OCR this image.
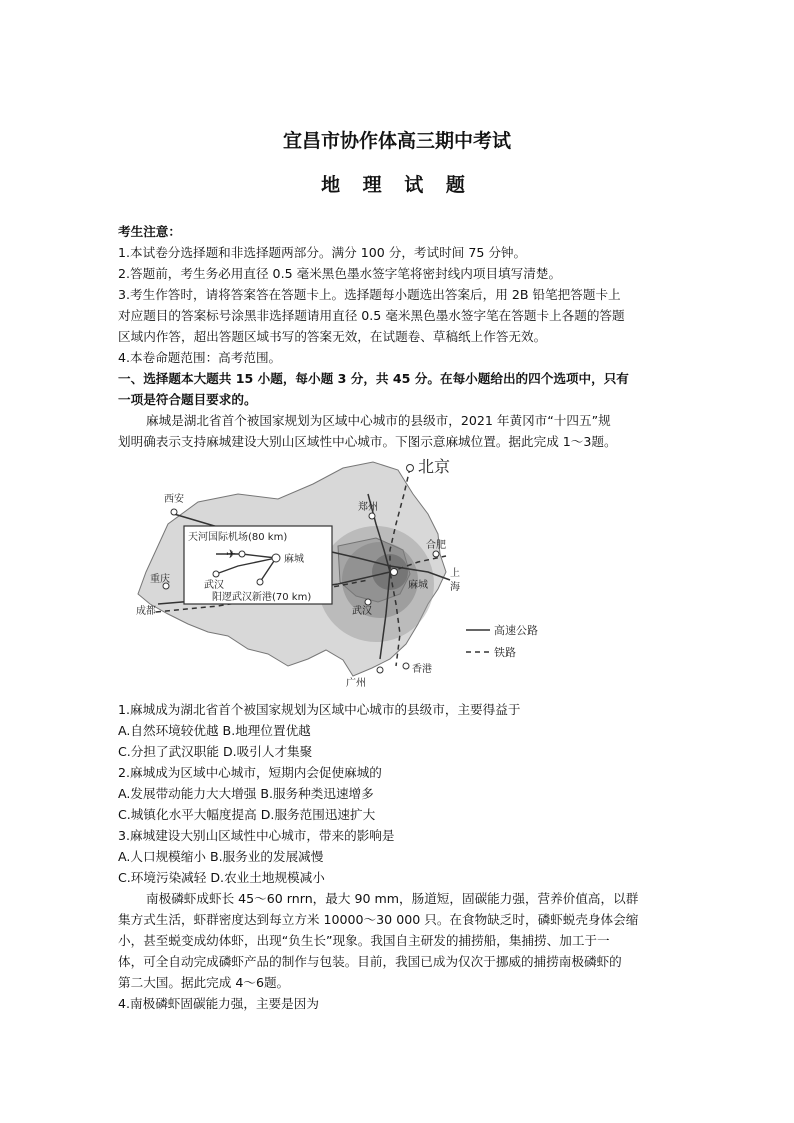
宜昌市协作体高三期中考试
地 理 试 题
考生注意：
1.本试卷分选择题和非选择题两部分。满分 100 分，考试时间 75 分钟。
2.答题前，考生务必用直径 0.5 毫米黑色墨水签字笔将密封线内项目填写清楚。
3.考生作答时，请将答案答在答题卡上。选择题每小题选出答案后，用 2B 铅笔把答题卡上
对应题目的答案标号涂黑非选择题请用直径 0.5 毫米黑色墨水签字笔在答题卡上各题的答题
区域内作答，超出答题区域书写的答案无效，在试题卷、草稿纸上作答无效。
4.本卷命题范围：高考范围。
一、选择题本大题共 15 小题，每小题 3 分，共 45 分。在每小题给出的四个选项中，只有
一项是符合题目要求的。
麻城是湖北省首个被国家规划为区域中心城市的县级市，2021 年黄冈市“十四五”规
划明确表示支持麻城建设大别山区域性中心城市。下图示意麻城位置。据此完成 1～3题。
北京
西安
郑州
合肥
上
海
重庆
成都	武汉
麻城
香港
广州
天河国际机场(80 km)
✈	麻城
武汉
阳逻武汉新港(70 km)
高速公路
铁路
1.麻城成为湖北省首个被国家规划为区域中心城市的县级市，主要得益于
A.自然环境较优越 B.地理位置优越
C.分担了武汉职能 D.吸引人才集聚
2.麻城成为区域中心城市，短期内会促使麻城的
A.发展带动能力大大增强 B.服务种类迅速增多
C.城镇化水平大幅度提高 D.服务范围迅速扩大
3.麻城建设大别山区域性中心城市，带来的影响是
A.人口规模缩小 B.服务业的发展减慢
C.环境污染减轻 D.农业土地规模减小
南极磷虾成虾长 45～60 rnrn，最大 90 mm，肠道短，固碳能力强，营养价值高，以群
集方式生活，虾群密度达到每立方米 10000～30 000 只。在食物缺乏时，磷虾蜕壳身体会缩
小，甚至蜕变成幼体虾，出现“负生长”现象。我国自主研发的捕捞船，集捕捞、加工于一
体，可全自动完成磷虾产品的制作与包装。目前，我国已成为仅次于挪威的捕捞南极磷虾的
第二大国。据此完成 4～6题。
4.南极磷虾固碳能力强，主要是因为
